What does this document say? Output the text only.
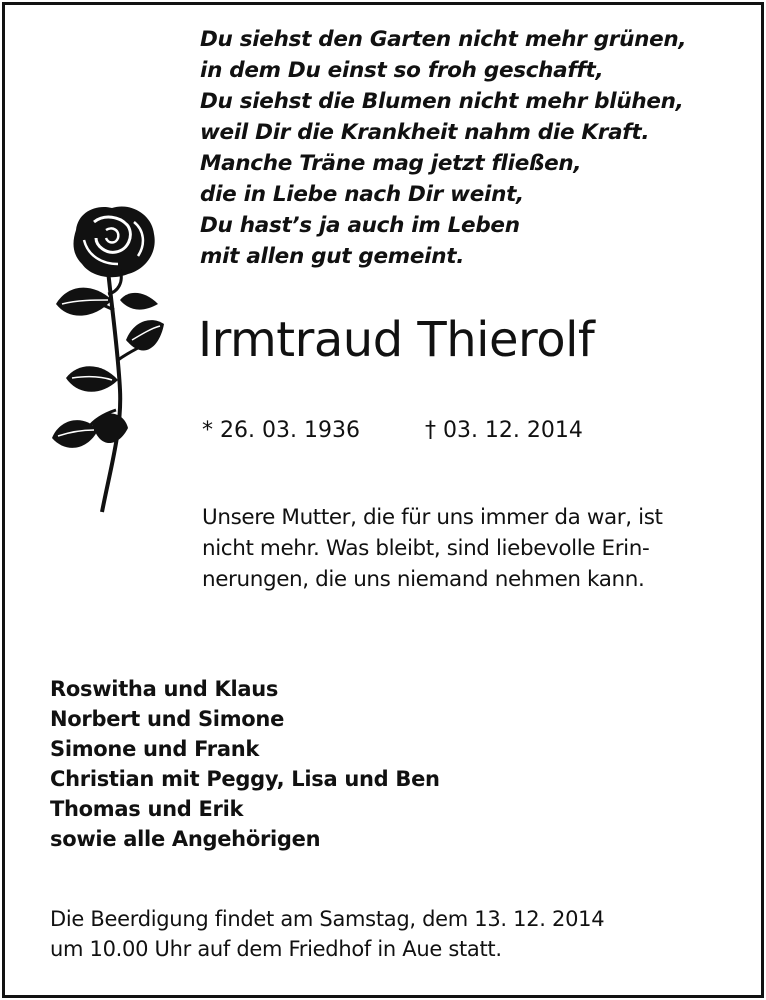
Du siehst den Garten nicht mehr grünen,
in dem Du einst so froh geschafft,
Du siehst die Blumen nicht mehr blühen,
weil Dir die Krankheit nahm die Kraft.
Manche Träne mag jetzt fließen,
die in Liebe nach Dir weint,
Du hast’s ja auch im Leben
mit allen gut gemeint.
Irmtraud Thierolf
* 26. 03. 1936	† 03. 12. 2014
Unsere Mutter, die für uns immer da war, ist
nicht mehr. Was bleibt, sind liebevolle Erin-
nerungen, die uns niemand nehmen kann.
Roswitha und Klaus
Norbert und Simone
Simone und Frank
Christian mit Peggy, Lisa und Ben
Thomas und Erik
sowie alle Angehörigen
Die Beerdigung findet am Samstag, dem 13. 12. 2014
um 10.00 Uhr auf dem Friedhof in Aue statt.
